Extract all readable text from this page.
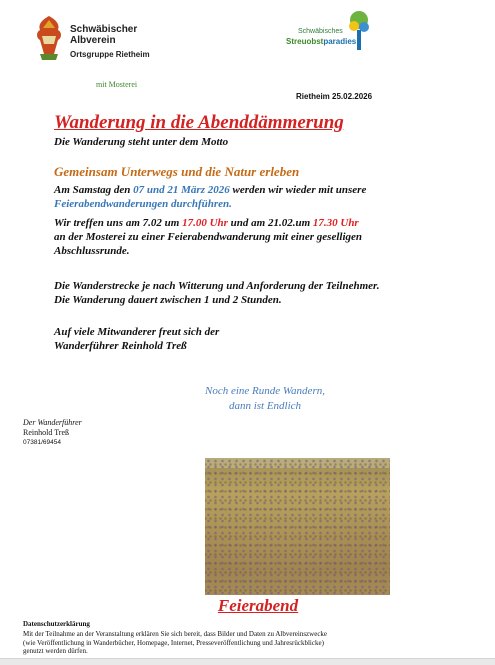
Schwäbischer
Albverein
Ortsgruppe Rietheim
mit Mosterei
Schwäbisches
Streuobstparadies
Rietheim 25.02.2026
Wanderung in die Abenddämmerung
Die Wanderung steht unter dem Motto
Gemeinsam Unterwegs und die Natur erleben
Am Samstag den 07 und 21 März 2026 werden wir wieder mit unsere
Feierabendwanderungen durchführen.
Wir treffen uns am 7.02 um 17.00 Uhr und am 21.02.um 17.30 Uhr
an der Mosterei zu einer Feierabendwanderung mit einer geselligen
Abschlussrunde.
Die Wanderstrecke je nach Witterung und Anforderung der Teilnehmer.
Die Wanderung dauert zwischen 1 und 2 Stunden.
Auf viele Mitwanderer freut sich der
Wanderführer Reinhold Treß
Noch eine Runde Wandern,
dann ist Endlich
Der Wanderführer
Reinhold Treß
07381/69454
Feierabend
Datenschutzerklärung
Mit der Teilnahme an der Veranstaltung erklären Sie sich bereit, dass Bilder und Daten zu Albvereinszwecke
(wie Veröffentlichung in Wanderbücher, Homepage, Internet, Presseveröffentlichung und Jahresrückblicke)
genutzt werden dürfen.
